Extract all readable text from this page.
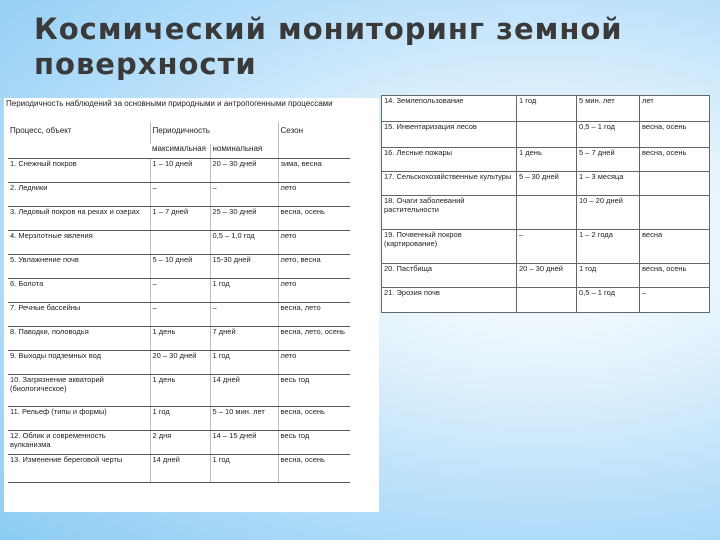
Космический мониторинг земной поверхности
Периодичность наблюдений за основными природными и антропогенными процессами
Процесс, объект	Периодичность		Сезон
	максимальная	номинальная	
1. Снежный покров	1 – 10 дней	20 – 30 дней	зима, весна
2. Ледники	–	–	лето
3. Ледовый покров на реках и озерах	1 – 7 дней	25 – 30 дней	весна, осень
4. Мерзлотные явления		0,5 – 1,0 год	лето
5. Увлажнение почв	5 – 10 дней	15-30 дней	лето, весна
6. Болота	–	1 год	лето
7. Речные бассейны	–	–	весна, лето
8. Паводки, половодья	1 день	7 дней	весна, лето, осень
9. Выходы подземных вод	20 – 30 дней	1 год	лето
10. Загрязнение акваторий (биологическое)	1 день	14 дней	весь год
11. Рельеф (типы и формы)	1 год	5 – 10 мин. лет	весна, осень
12. Облик и современность вулканизма	2 дня	14 – 15 дней	весь год
13. Изменение береговой черты	14 дней	1 год	весна, осень
14. Землепользование	1 год	5 мин. лет	лет
15. Инвентаризация лесов		0,5 – 1 год	весна, осень
16. Лесные пожары	1 день	5 – 7 дней	весна, осень
17. Сельскохозяйственные культуры	5 – 30 дней	1 – 3 месяца	
18. Очаги заболеваний растительности		10 – 20 дней	
19. Почвенный покров (картирование)	–	1 – 2 года	весна
20. Пастбища	20 – 30 дней	1 год	весна, осень
21. Эрозия почв		0,5 – 1 год	–
